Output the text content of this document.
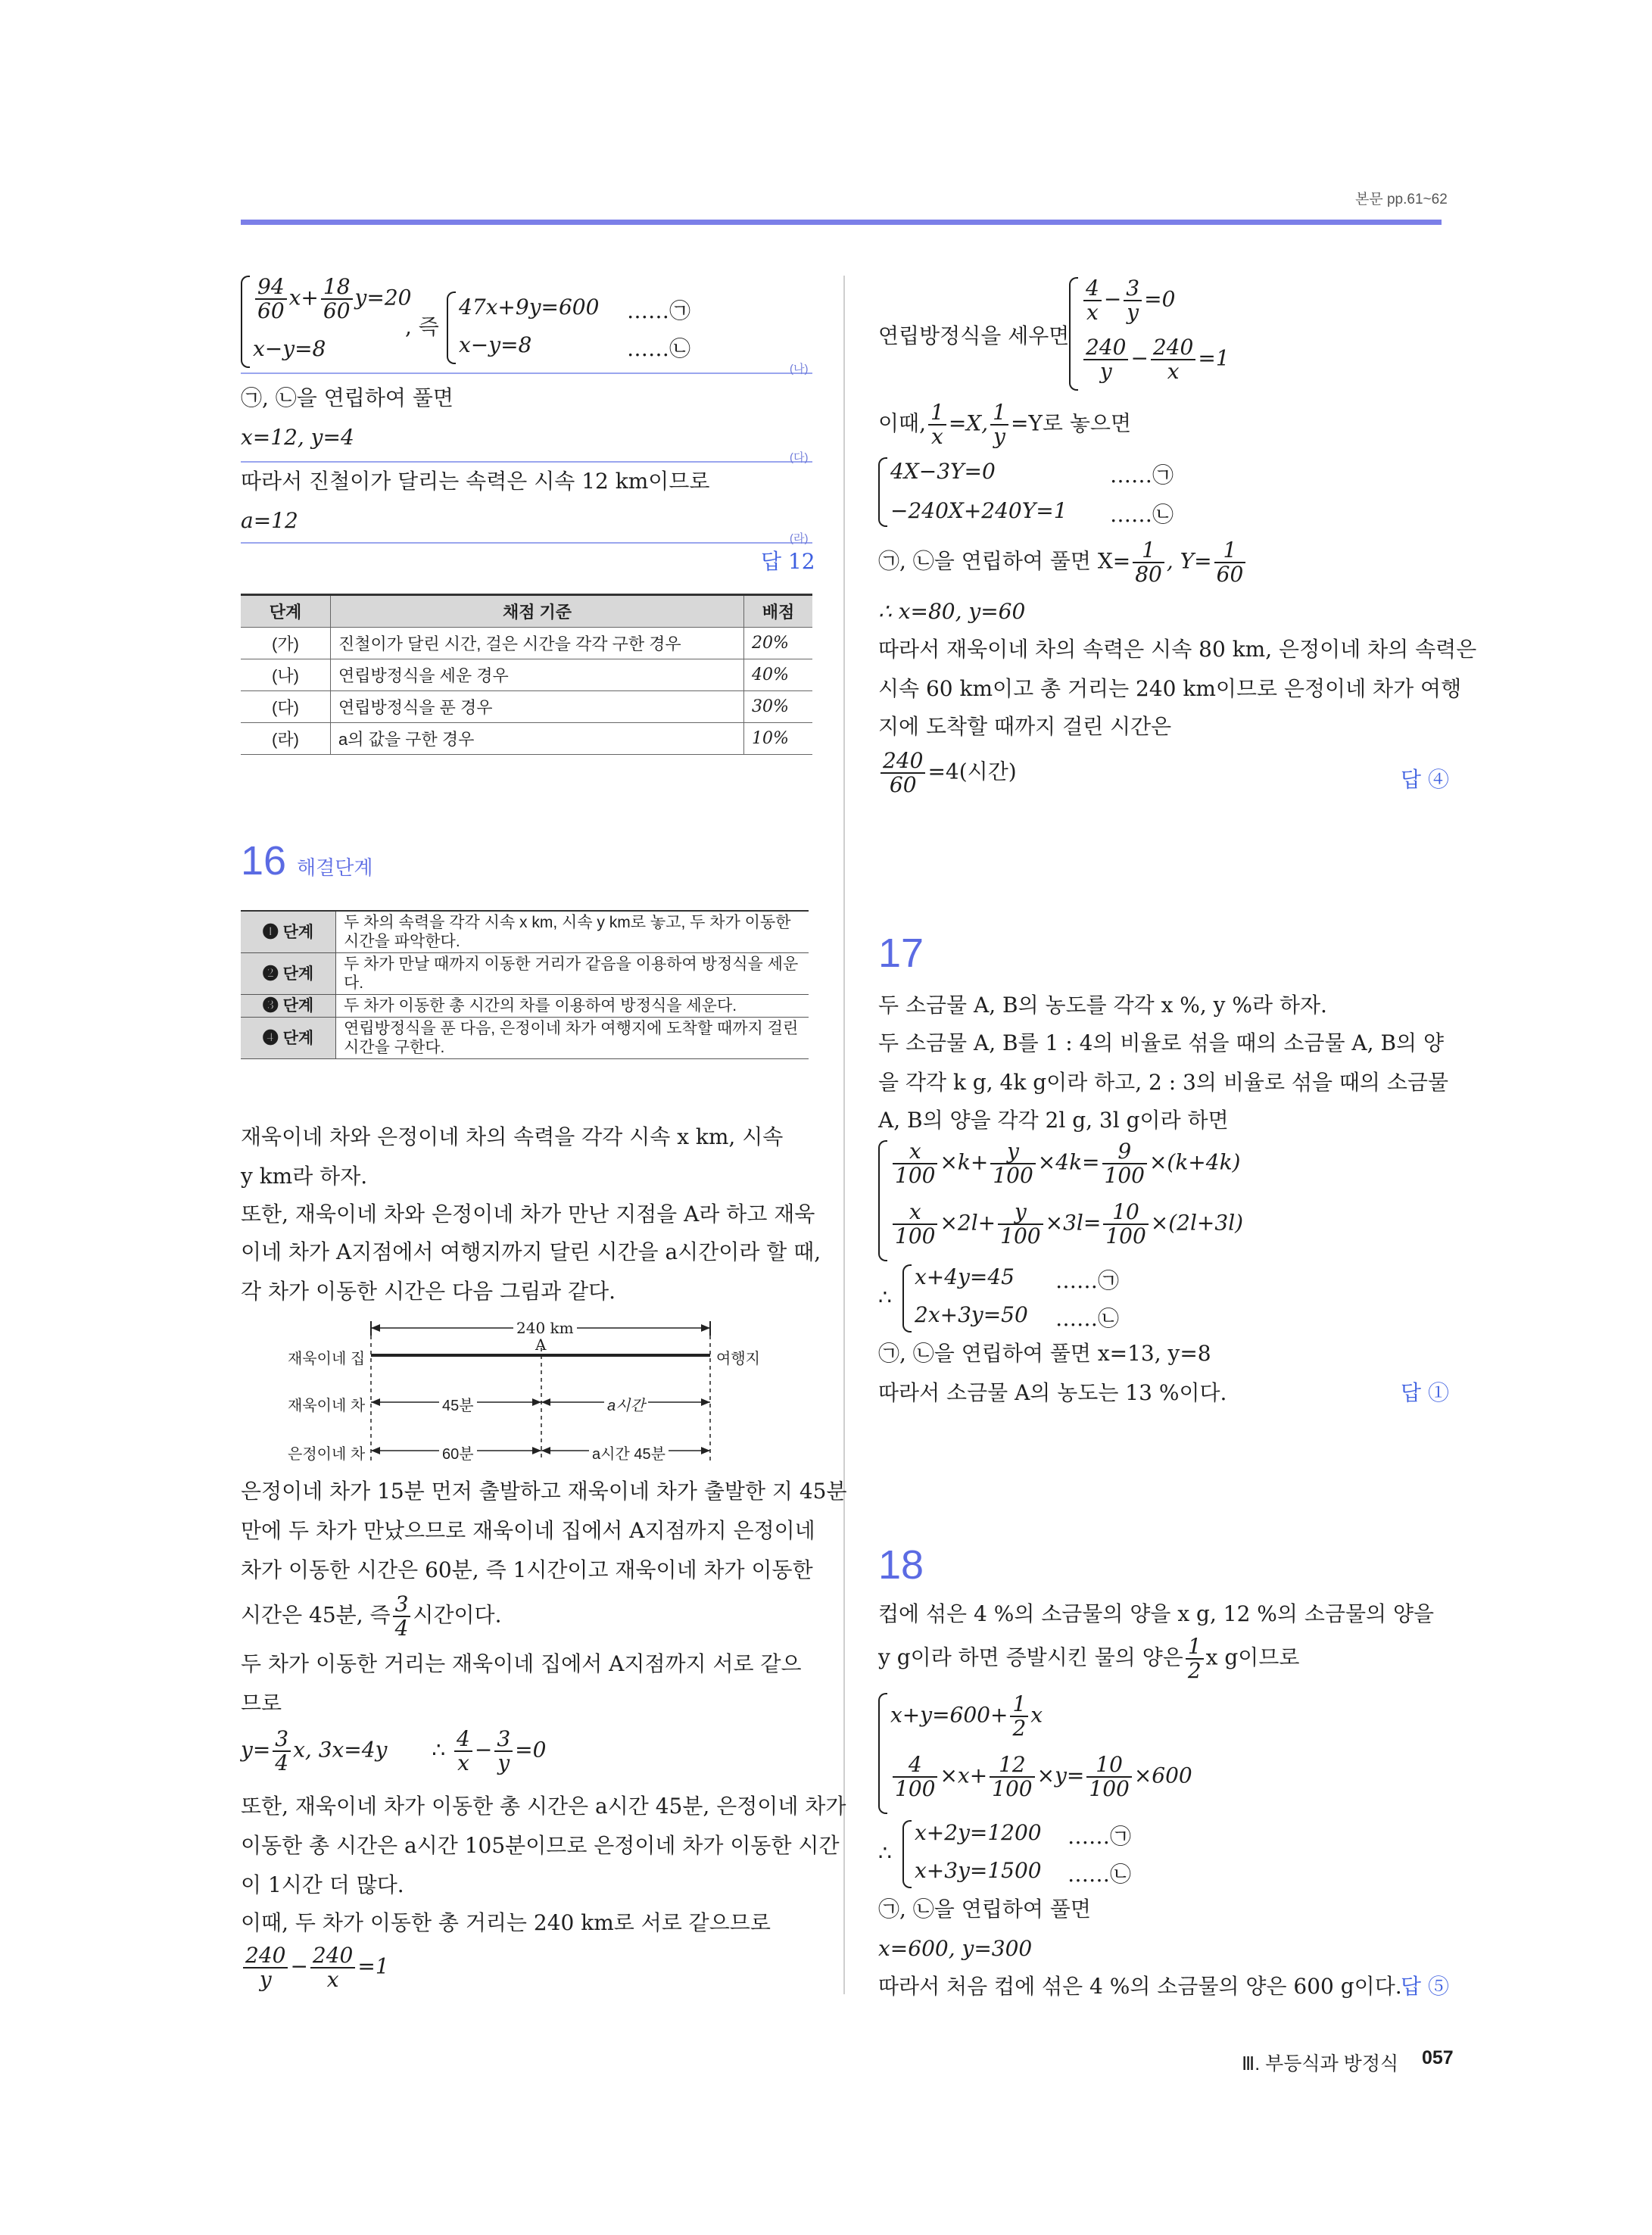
본문 pp.61~62
$\frac{94}{60} x+ \frac{18}{60} y=20$
x−y=8
, 즉
47x+9y=600 ……㉠
x−y=8	……㉡
(나)
㉠, ㉡을 연립하여 풀면
x=12, y=4
(다)
따라서 진철이가 달리는 속력은 시속 12 km이므로
a=12
(라)
답 12
단계	채점 기준	배점
(가)	진철이가 달린 시간, 걸은 시간을 각각 구한 경우	20%
(나)	연립방정식을 세운 경우	40%
(다)	연립방정식을 푼 경우	30%
(라)	a의 값을 구한 경우	10%
16 해결단계
❶ 단계	두 차의 속력을 각각 시속 x km, 시속 y km로 놓고, 두 차가 이동한 시간을 파악한다.
❷ 단계	두 차가 만날 때까지 이동한 거리가 같음을 이용하여 방정식을 세운다.
❸ 단계	두 차가 이동한 총 시간의 차를 이용하여 방정식을 세운다.
❹ 단계	연립방정식을 푼 다음, 은정이네 차가 여행지에 도착할 때까지 걸린 시간을 구한다.
재욱이네 차와 은정이네 차의 속력을 각각 시속 x km, 시속
y km라 하자.
또한, 재욱이네 차와 은정이네 차가 만난 지점을 A라 하고 재욱
이네 차가 A지점에서 여행지까지 달린 시간을 a시간이라 할 때,
각 차가 이동한 시간은 다음 그림과 같다.
240 km
A
재욱이네 집	여행지
재욱이네 차	45분	a시간
은정이네 차	60분	a시간 45분
은정이네 차가 15분 먼저 출발하고 재욱이네 차가 출발한 지 45분
만에 두 차가 만났으므로 재욱이네 집에서 A지점까지 은정이네
차가 이동한 시간은 60분, 즉 1시간이고 재욱이네 차가 이동한
시간은 45분, 즉 $\frac{3}{4}$ 시간이다.
두 차가 이동한 거리는 재욱이네 집에서 A지점까지 서로 같으
므로
$y= \frac{3}{4} x$, 3x=4y ∴ $\frac{4}{x} - \frac{3}{y} =0$
또한, 재욱이네 차가 이동한 총 시간은 a시간 45분, 은정이네 차가
이동한 총 시간은 a시간 105분이므로 은정이네 차가 이동한 시간
이 1시간 더 많다.
이때, 두 차가 이동한 총 거리는 240 km로 서로 같으므로
$\frac{240}{y} - \frac{240}{x} =1$
연립방정식을 세우면
$\frac{4}{x} - \frac{3}{y} =0$
$\frac{240}{y} - \frac{240}{x} =1$
이때, $\frac{1}{x} =X$, $\frac{1}{y} =Y$로 놓으면
4X−3Y=0	……㉠
−240X+240Y=1 ……㉡
㉠, ㉡을 연립하여 풀면 $X= \frac{1}{80}$ , $Y= \frac{1}{60}$
∴ x=80, y=60
따라서 재욱이네 차의 속력은 시속 80 km, 은정이네 차의 속력은
시속 60 km이고 총 거리는 240 km이므로 은정이네 차가 여행
지에 도착할 때까지 걸린 시간은
$\frac{240}{60} =4$(시간)	답 ④
17
두 소금물 A, B의 농도를 각각 x %, y %라 하자.
두 소금물 A, B를 1 : 4의 비율로 섞을 때의 소금물 A, B의 양
을 각각 k g, 4k g이라 하고, 2 : 3의 비율로 섞을 때의 소금물
A, B의 양을 각각 2l g, 3l g이라 하면
$\frac{x}{100} \times k+ \frac{y}{100} \times 4k= \frac{9}{100} \times(k+4k)$
$\frac{x}{100} \times 2l+ \frac{y}{100} \times 3l= \frac{10}{100} \times(2l+3l)$
∴
x+4y=45 ……㉠
2x+3y=50 ……㉡
㉠, ㉡을 연립하여 풀면 x=13, y=8
따라서 소금물 A의 농도는 13 %이다.	답 ①
18
컵에 섞은 4 %의 소금물의 양을 x g, 12 %의 소금물의 양을
y g이라 하면 증발시킨 물의 양은 $\frac{1}{2}$ x g이므로
$x+y=600+ \frac{1}{2}$ x
$\frac{4}{100} \times x+ \frac{12}{100} \times y= \frac{10}{100} \times 600$
∴
x+2y=1200 ……㉠
x+3y=1500 ……㉡
㉠, ㉡을 연립하여 풀면
x=600, y=300
따라서 처음 컵에 섞은 4 %의 소금물의 양은 600 g이다.
답 ⑤
Ⅲ. 부등식과 방정식 057
